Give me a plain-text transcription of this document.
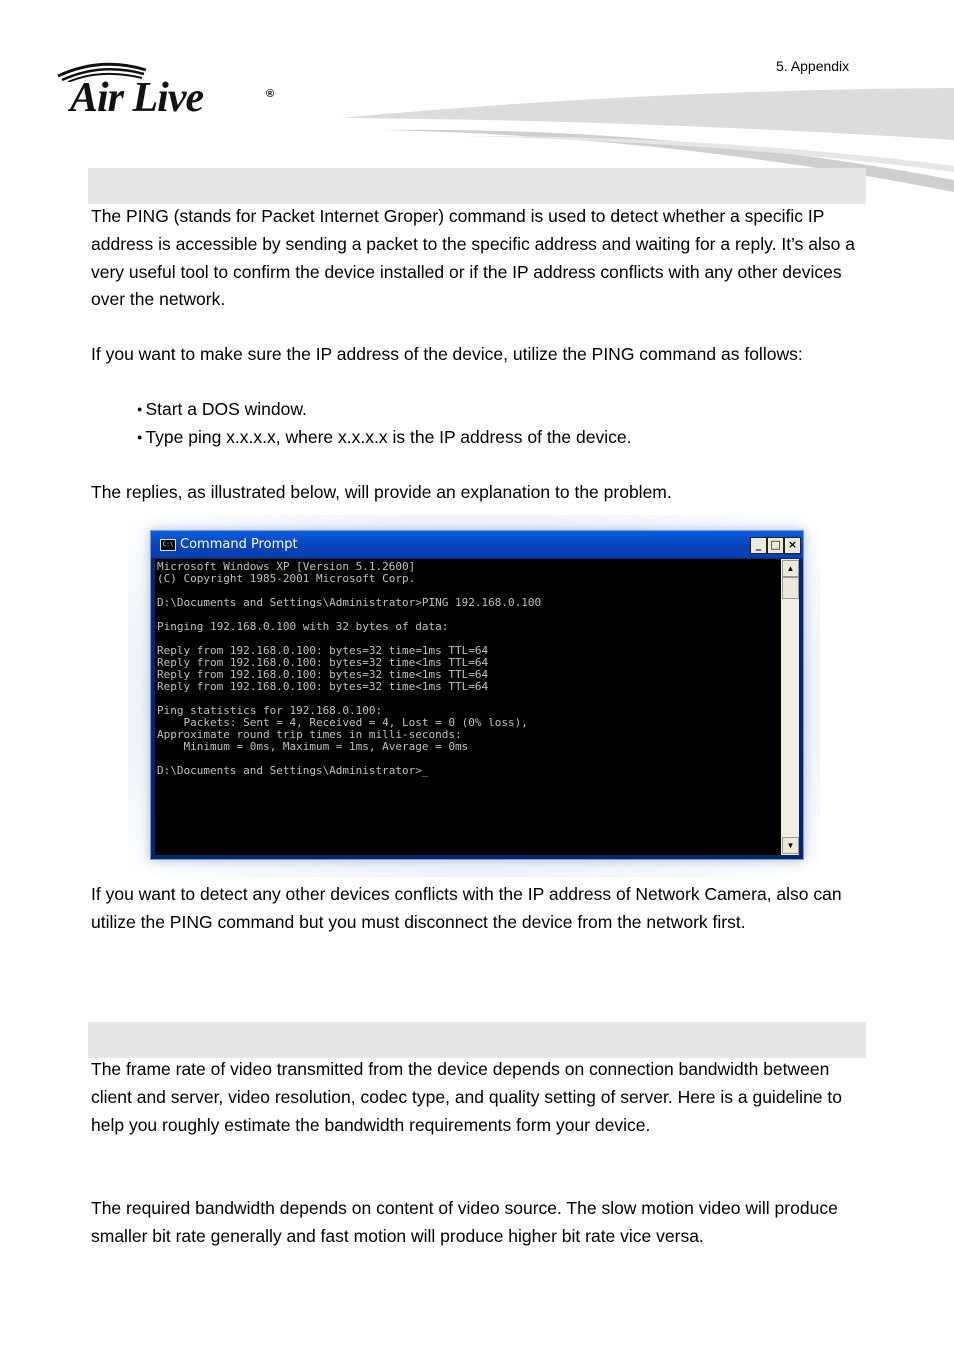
5. Appendix
Air Live	®
The PING (stands for Packet Internet Groper) command is used to detect whether a specific IP address is accessible by sending a packet to the specific address and waiting for a reply. It’s also a very useful tool to confirm the device installed or if the IP address conflicts with any other devices over the network.
If you want to make sure the IP address of the device, utilize the PING command as follows:
● Start a DOS window.
● Type ping x.x.x.x, where x.x.x.x is the IP address of the device.
The replies, as illustrated below, will provide an explanation to the problem.
C:\ Command Prompt	_ □ ×
Microsoft Windows XP [Version 5.1.2600]
(C) Copyright 1985-2001 Microsoft Corp.

D:\Documents and Settings\Administrator>PING 192.168.0.100

Pinging 192.168.0.100 with 32 bytes of data:

Reply from 192.168.0.100: bytes=32 time=1ms TTL=64
Reply from 192.168.0.100: bytes=32 time<1ms TTL=64
Reply from 192.168.0.100: bytes=32 time<1ms TTL=64
Reply from 192.168.0.100: bytes=32 time<1ms TTL=64

Ping statistics for 192.168.0.100:
Packets: Sent = 4, Received = 4, Lost = 0 (0% loss),
Approximate round trip times in milli-seconds:
Minimum = 0ms, Maximum = 1ms, Average = 0ms

D:\Documents and Settings\Administrator>_
▲
▼
If you want to detect any other devices conflicts with the IP address of Network Camera, also can utilize the PING command but you must disconnect the device from the network first.
The frame rate of video transmitted from the device depends on connection bandwidth between client and server, video resolution, codec type, and quality setting of server. Here is a guideline to help you roughly estimate the bandwidth requirements form your device.
The required bandwidth depends on content of video source. The slow motion video will produce smaller bit rate generally and fast motion will produce higher bit rate vice versa.
